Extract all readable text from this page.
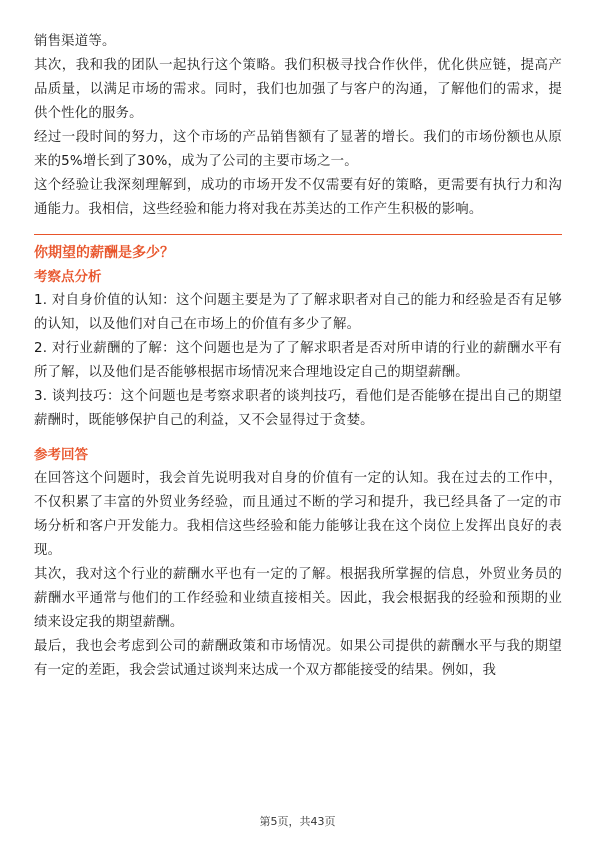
销售渠道等。

其次，我和我的团队一起执行这个策略。我们积极寻找合作伙伴，优化供应链，提高产品质量，以满足市场的需求。同时，我们也加强了与客户的沟通，了解他们的需求，提供个性化的服务。

经过一段时间的努力，这个市场的产品销售额有了显著的增长。我们的市场份额也从原来的5%增长到了30%，成为了公司的主要市场之一。

这个经验让我深刻理解到，成功的市场开发不仅需要有好的策略，更需要有执行力和沟通能力。我相信，这些经验和能力将对我在苏美达的工作产生积极的影响。

你期望的薪酬是多少？

考察点分析

1. 对自身价值的认知：这个问题主要是为了了解求职者对自己的能力和经验是否有足够的认知，以及他们对自己在市场上的价值有多少了解。

2. 对行业薪酬的了解：这个问题也是为了了解求职者是否对所申请的行业的薪酬水平有所了解，以及他们是否能够根据市场情况来合理地设定自己的期望薪酬。

3. 谈判技巧：这个问题也是考察求职者的谈判技巧，看他们是否能够在提出自己的期望薪酬时，既能够保护自己的利益，又不会显得过于贪婪。

参考回答

在回答这个问题时，我会首先说明我对自身的价值有一定的认知。我在过去的工作中，不仅积累了丰富的外贸业务经验，而且通过不断的学习和提升，我已经具备了一定的市场分析和客户开发能力。我相信这些经验和能力能够让我在这个岗位上发挥出良好的表现。

其次，我对这个行业的薪酬水平也有一定的了解。根据我所掌握的信息，外贸业务员的薪酬水平通常与他们的工作经验和业绩直接相关。因此，我会根据我的经验和预期的业绩来设定我的期望薪酬。

最后，我也会考虑到公司的薪酬政策和市场情况。如果公司提供的薪酬水平与我的期望有一定的差距，我会尝试通过谈判来达成一个双方都能接受的结果。例如，我

第5页，共43页
